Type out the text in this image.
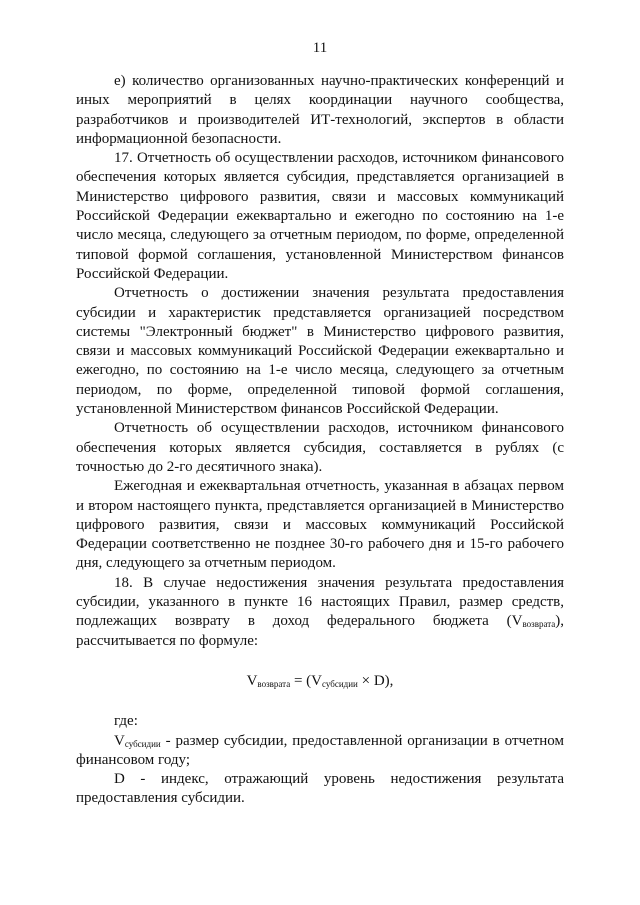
11

е) количество организованных научно-практических конференций и иных мероприятий в целях координации научного сообщества, разработчиков и производителей ИТ-технологий, экспертов в области информационной безопасности.

17. Отчетность об осуществлении расходов, источником финансового обеспечения которых является субсидия, представляется организацией в Министерство цифрового развития, связи и массовых коммуникаций Российской Федерации ежеквартально и ежегодно по состоянию на 1-е число месяца, следующего за отчетным периодом, по форме, определенной типовой формой соглашения, установленной Министерством финансов Российской Федерации.

Отчетность о достижении значения результата предоставления субсидии и характеристик представляется организацией посредством системы "Электронный бюджет" в Министерство цифрового развития, связи и массовых коммуникаций Российской Федерации ежеквартально и ежегодно, по состоянию на 1-е число месяца, следующего за отчетным периодом, по форме, определенной типовой формой соглашения, установленной Министерством финансов Российской Федерации.

Отчетность об осуществлении расходов, источником финансового обеспечения которых является субсидия, составляется в рублях (с точностью до 2-го десятичного знака).

Ежегодная и ежеквартальная отчетность, указанная в абзацах первом и втором настоящего пункта, представляется организацией в Министерство цифрового развития, связи и массовых коммуникаций Российской Федерации соответственно не позднее 30-го рабочего дня и 15-го рабочего дня, следующего за отчетным периодом.

18. В случае недостижения значения результата предоставления субсидии, указанного в пункте 16 настоящих Правил, размер средств, подлежащих возврату в доход федерального бюджета $(V_{возврата})$, рассчитывается по формуле:

$V_{возврата} = (V_{субсидии} \times D)$,

где:

$V_{субсидии}$ - размер субсидии, предоставленной организации в отчетном финансовом году;

D - индекс, отражающий уровень недостижения результата предоставления субсидии.
